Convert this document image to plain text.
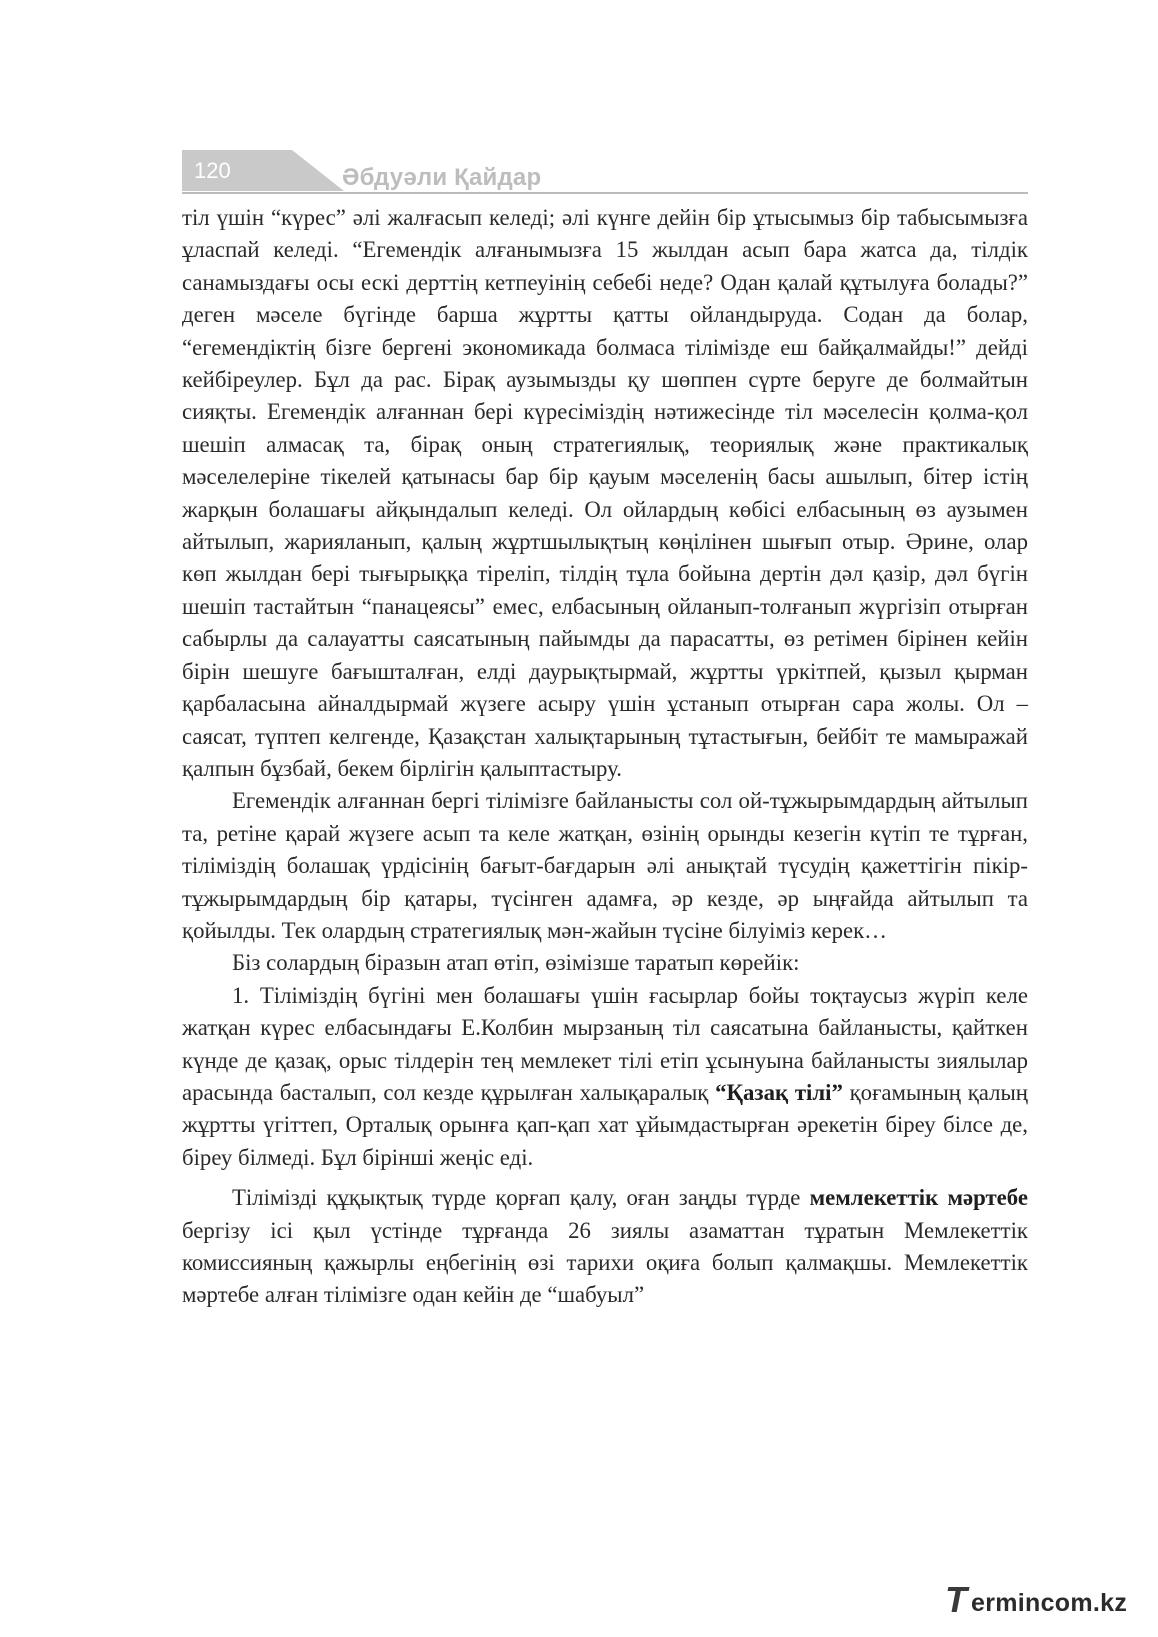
120	Әбдуәли Қайдар

тіл үшін “күрес” әлі жалғасып келеді; әлі күнге дейін бір ұтысымыз бір табысымызға ұласпай келеді. “Егемендік алғанымызға 15 жылдан асып бара жатса да, тілдік санамыздағы осы ескі дерттің кетпеуінің себебі неде? Одан қалай құтылуға болады?” деген мәселе бүгінде барша жұртты қатты ойландыруда. Содан да болар, “егемендіктің бізге бергені экономикада болмаса тілімізде еш байқалмайды!” дейді кейбіреулер. Бұл да рас. Бірақ аузымызды қу шөппен сүрте беруге де болмайтын сияқты. Егемендік алғаннан бері күресіміздің нәтижесінде тіл мәселесін қолма-қол шешіп алмасақ та, бірақ оның стратегиялық, теориялық және практикалық мәселелеріне тікелей қатынасы бар бір қауым мәселенің басы ашылып, бітер істің жарқын болашағы айқындалып келеді. Ол ойлардың көбісі елбасының өз аузымен айтылып, жарияланып, қалың жұртшылықтың көңілінен шығып отыр. Әрине, олар көп жылдан бері тығырыққа тіреліп, тілдің тұла бойына дертін дәл қазір, дәл бүгін шешіп тастайтын “панацеясы” емес, елбасының ойланып-толғанып жүргізіп отырған сабырлы да салауатты саясатының пайымды да парасатты, өз ретімен бірінен кейін бірін шешуге бағышталған, елді даурықтырмай, жұртты үркітпей, қызыл қырман қарбаласына айналдырмай жүзеге асыру үшін ұстанып отырған сара жолы. Ол – саясат, түптеп келгенде, Қазақстан халықтарының тұтастығын, бейбіт те мамыражай қалпын бұзбай, бекем бірлігін қалыптастыру.

Егемендік алғаннан бергі тілімізге байланысты сол ой-тұжырымдардың айтылып та, ретіне қарай жүзеге асып та келе жатқан, өзінің орынды кезегін күтіп те тұрған, тіліміздің болашақ үрдісінің бағыт-бағдарын әлі анықтай түсудің қажеттігін пікір-тұжырымдардың бір қатары, түсінген адамға, әр кезде, әр ыңғайда айтылып та қойылды. Тек олардың стратегиялық мән-жайын түсіне білуіміз керек…

Біз солардың біразын атап өтіп, өзімізше таратып көрейік:

1. Тіліміздің бүгіні мен болашағы үшін ғасырлар бойы тоқтаусыз жүріп келе жатқан күрес елбасындағы Е.Колбин мырзаның тіл саясатына байланысты, қайткен күнде де қазақ, орыс тілдерін тең мемлекет тілі етіп ұсынуына байланысты зиялылар арасында басталып, сол кезде құрылған халықаралық “Қазақ тілі” қоғамының қалың жұртты үгіттеп, Орталық орынға қап-қап хат ұйымдастырған әрекетін біреу білсе де, біреу білмеді. Бұл бірінші жеңіс еді.

Тілімізді құқықтық түрде қорғап қалу, оған заңды түрде мемлекеттік мәртебе бергізу ісі қыл үстінде тұрғанда 26 зиялы азаматтан тұратын Мемлекеттік комиссияның қажырлы еңбегінің өзі тарихи оқиға болып қалмақшы. Мемлекеттік мәртебе алған тілімізге одан кейін де “шабуыл”

T ermincom.kz
